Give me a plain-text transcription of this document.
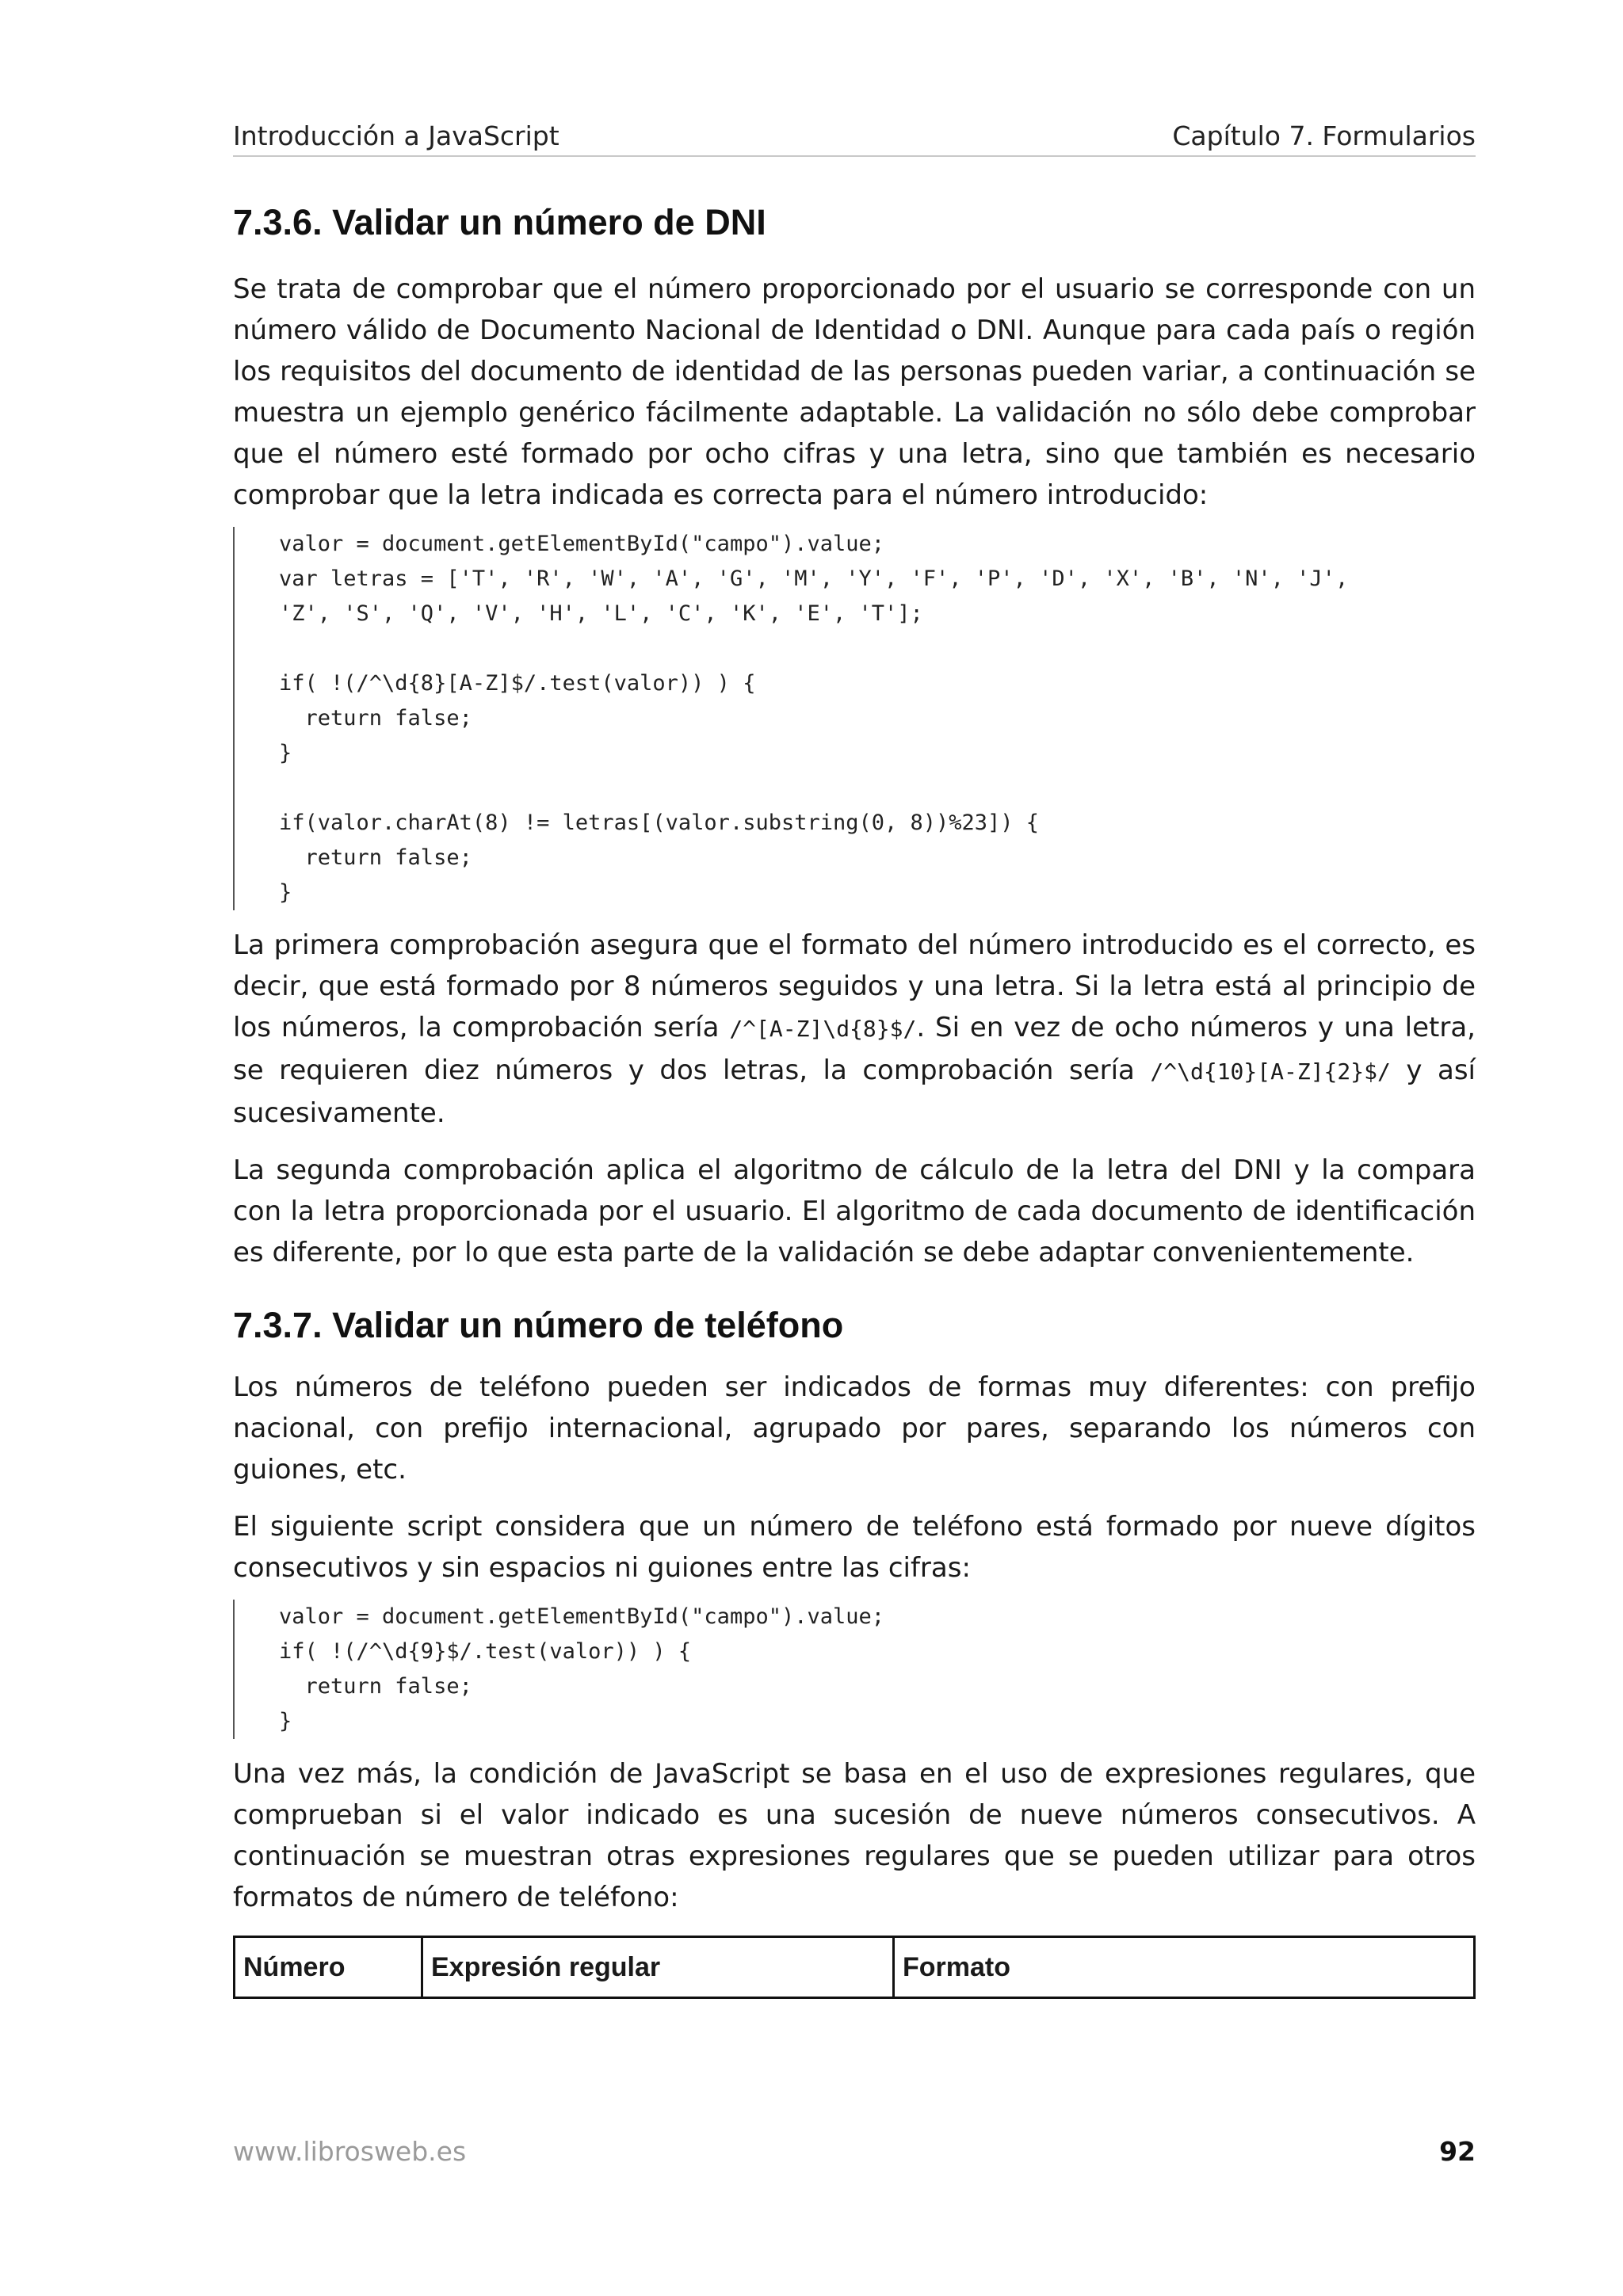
Introducción a JavaScript	Capítulo 7. Formularios
7.3.6. Validar un número de DNI

Se trata de comprobar que el número proporcionado por el usuario se corresponde con un número válido de Documento Nacional de Identidad o DNI. Aunque para cada país o región los requisitos del documento de identidad de las personas pueden variar, a continuación se muestra un ejemplo genérico fácilmente adaptable. La validación no sólo debe comprobar que el número esté formado por ocho cifras y una letra, sino que también es necesario comprobar que la letra indicada es correcta para el número introducido:

valor = document.getElementById("campo").value;
var letras = ['T', 'R', 'W', 'A', 'G', 'M', 'Y', 'F', 'P', 'D', 'X', 'B', 'N', 'J',
'Z', 'S', 'Q', 'V', 'H', 'L', 'C', 'K', 'E', 'T'];

if( !(/^\d{8}[A-Z]$/.test(valor)) ) {
return false;
}

if(valor.charAt(8) != letras[(valor.substring(0, 8))%23]) {
return false;
}

La primera comprobación asegura que el formato del número introducido es el correcto, es decir, que está formado por 8 números seguidos y una letra. Si la letra está al principio de los números, la comprobación sería /^[A-Z]\d{8}$/. Si en vez de ocho números y una letra, se requieren diez números y dos letras, la comprobación sería /^\d{10}[A-Z]{2}$/ y así sucesivamente.

La segunda comprobación aplica el algoritmo de cálculo de la letra del DNI y la compara con la letra proporcionada por el usuario. El algoritmo de cada documento de identificación es diferente, por lo que esta parte de la validación se debe adaptar convenientemente.

7.3.7. Validar un número de teléfono

Los números de teléfono pueden ser indicados de formas muy diferentes: con prefijo nacional, con prefijo internacional, agrupado por pares, separando los números con guiones, etc.

El siguiente script considera que un número de teléfono está formado por nueve dígitos consecutivos y sin espacios ni guiones entre las cifras:

valor = document.getElementById("campo").value;
if( !(/^\d{9}$/.test(valor)) ) {
return false;
}

Una vez más, la condición de JavaScript se basa en el uso de expresiones regulares, que comprueban si el valor indicado es una sucesión de nueve números consecutivos. A continuación se muestran otras expresiones regulares que se pueden utilizar para otros formatos de número de teléfono:

Número	Expresión regular	Formato
www.librosweb.es	92
